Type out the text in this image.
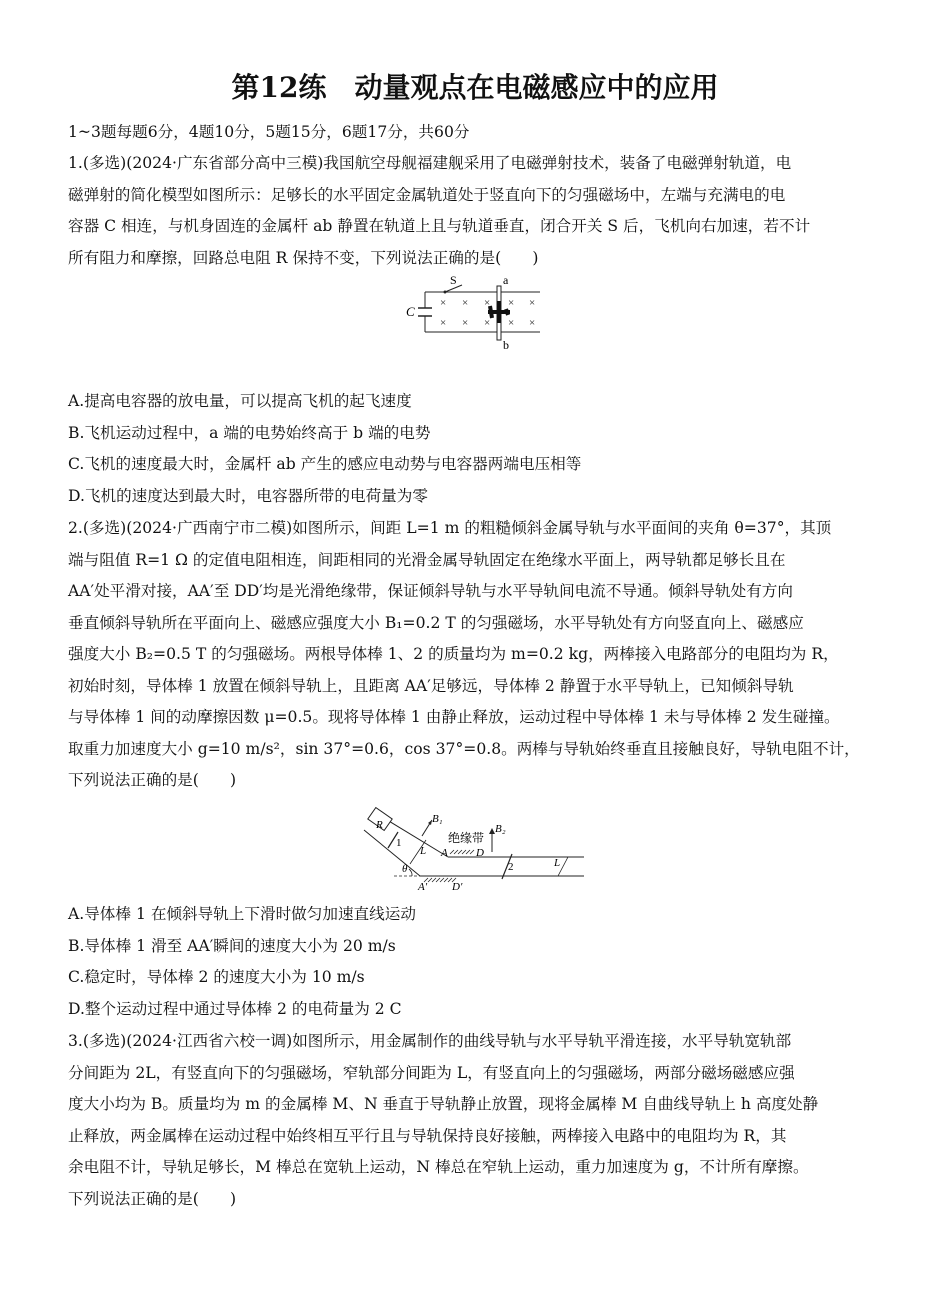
第12练　动量观点在电磁感应中的应用
1~3题每题6分，4题10分，5题15分，6题17分，共60分
1.(多选)(2024·广东省部分高中三模)我国航空母舰福建舰采用了电磁弹射技术，装备了电磁弹射轨道，电
磁弹射的简化模型如图所示：足够长的水平固定金属轨道处于竖直向下的匀强磁场中，左端与充满电的电
容器 C 相连，与机身固连的金属杆 ab 静置在轨道上且与轨道垂直，闭合开关 S 后，飞机向右加速，若不计
所有阻力和摩擦，回路总电阻 R 保持不变，下列说法正确的是(　　)
× × × × ×
× × × × ×
S	a
b
C
A.提高电容器的放电量，可以提高飞机的起飞速度
B.飞机运动过程中，a 端的电势始终高于 b 端的电势
C.飞机的速度最大时，金属杆 ab 产生的感应电动势与电容器两端电压相等
D.飞机的速度达到最大时，电容器所带的电荷量为零
2.(多选)(2024·广西南宁市二模)如图所示，间距 L=1 m 的粗糙倾斜金属导轨与水平面间的夹角 θ=37°，其顶
端与阻值 R=1 Ω 的定值电阻相连，间距相同的光滑金属导轨固定在绝缘水平面上，两导轨都足够长且在
AA′处平滑对接，AA′至 DD′均是光滑绝缘带，保证倾斜导轨与水平导轨间电流不导通。倾斜导轨处有方向
垂直倾斜导轨所在平面向上、磁感应强度大小 B₁=0.2 T 的匀强磁场，水平导轨处有方向竖直向上、磁感应
强度大小 B₂=0.5 T 的匀强磁场。两根导体棒 1、2 的质量均为 m=0.2 kg，两棒接入电路部分的电阻均为 R，
初始时刻，导体棒 1 放置在倾斜导轨上，且距离 AA′足够远，导体棒 2 静置于水平导轨上，已知倾斜导轨
与导体棒 1 间的动摩擦因数 μ=0.5。现将导体棒 1 由静止释放，运动过程中导体棒 1 未与导体棒 2 发生碰撞。
取重力加速度大小 g=10 m/s²，sin 37°=0.6，cos 37°=0.8。两棒与导轨始终垂直且接触良好，导轨电阻不计，
下列说法正确的是(　　)
R
1
2
L
L
B₁
B₂
绝缘带
A	D
A′ D′
θ
A.导体棒 1 在倾斜导轨上下滑时做匀加速直线运动
B.导体棒 1 滑至 AA′瞬间的速度大小为 20 m/s
C.稳定时，导体棒 2 的速度大小为 10 m/s
D.整个运动过程中通过导体棒 2 的电荷量为 2 C
3.(多选)(2024·江西省六校一调)如图所示，用金属制作的曲线导轨与水平导轨平滑连接，水平导轨宽轨部
分间距为 2L，有竖直向下的匀强磁场，窄轨部分间距为 L，有竖直向上的匀强磁场，两部分磁场磁感应强
度大小均为 B。质量均为 m 的金属棒 M、N 垂直于导轨静止放置，现将金属棒 M 自曲线导轨上 h 高度处静
止释放，两金属棒在运动过程中始终相互平行且与导轨保持良好接触，两棒接入电路中的电阻均为 R，其
余电阻不计，导轨足够长，M 棒总在宽轨上运动，N 棒总在窄轨上运动，重力加速度为 g，不计所有摩擦。
下列说法正确的是(　　)
